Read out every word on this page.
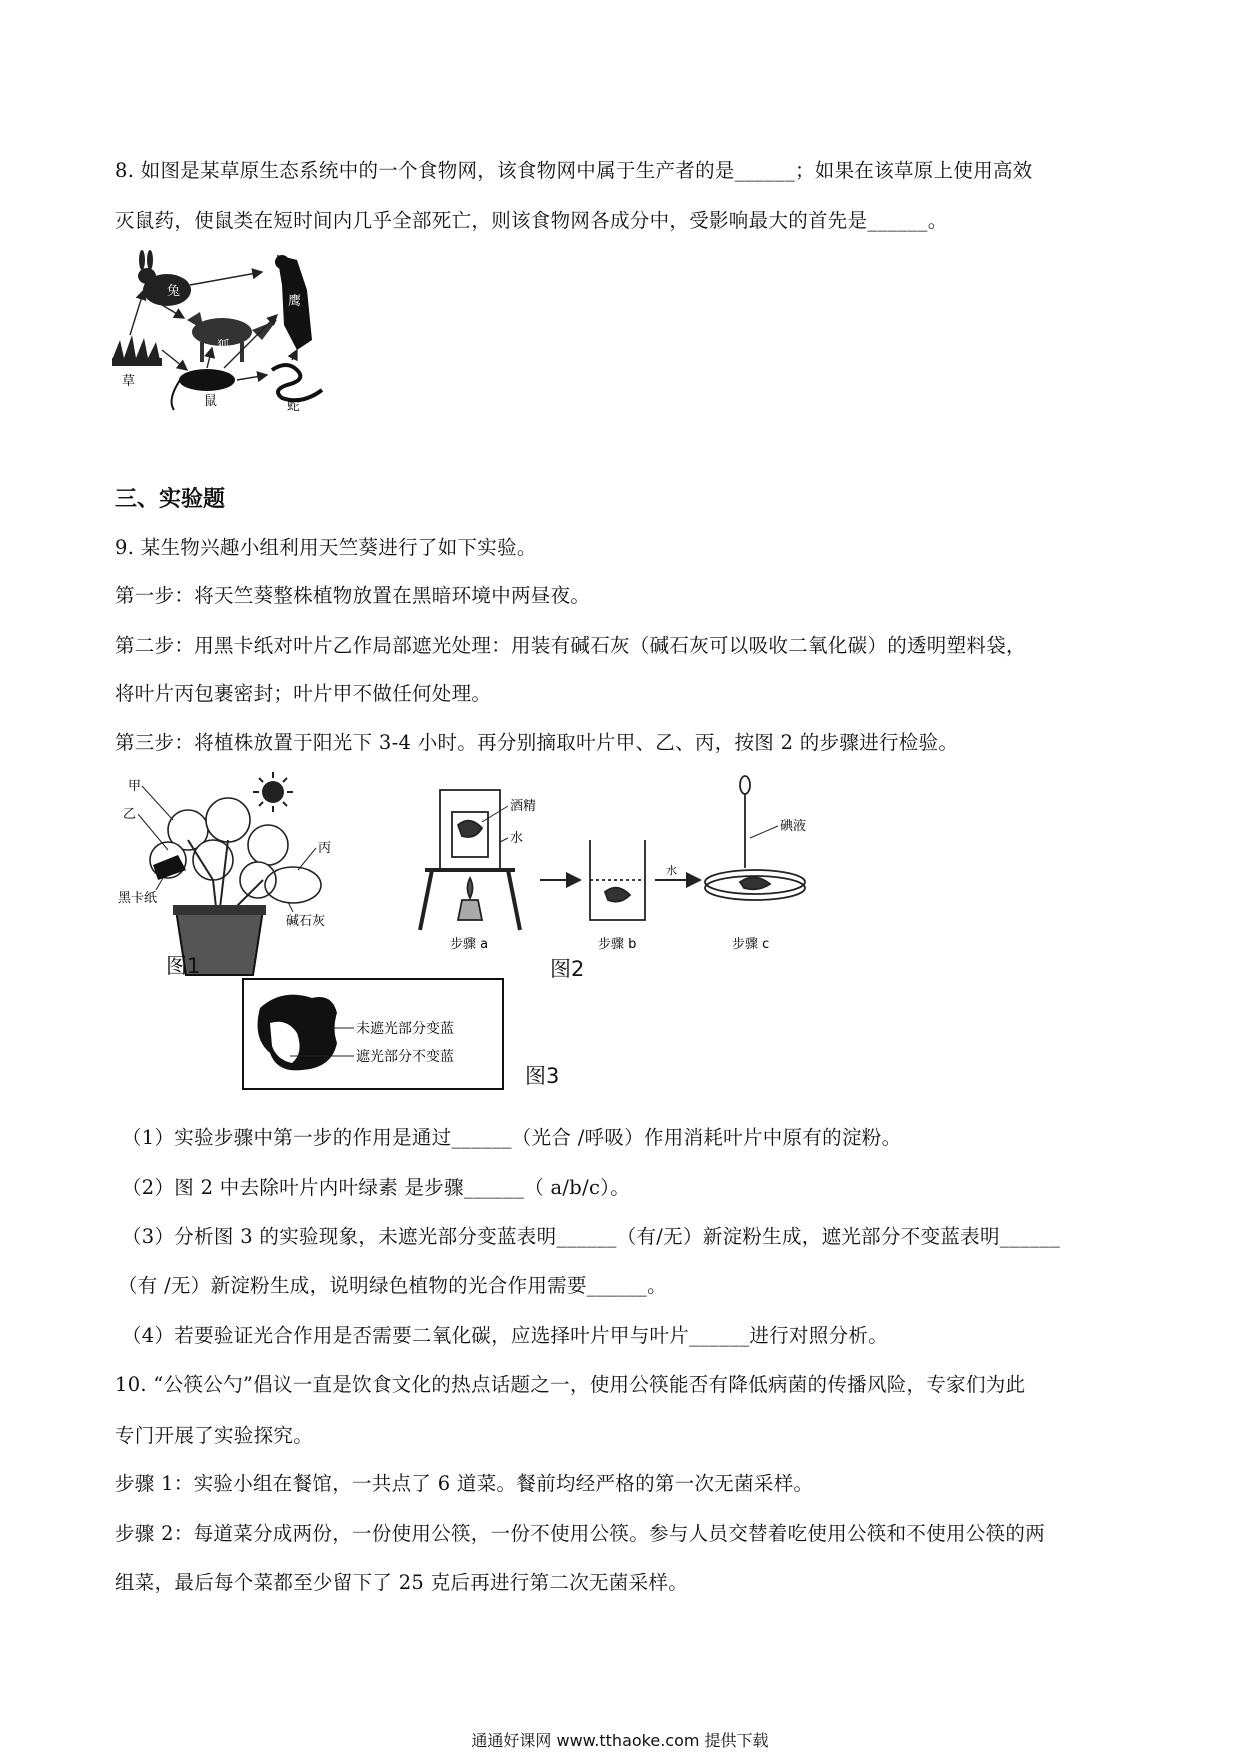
8. 如图是某草原生态系统中的一个食物网，该食物网中属于生产者的是______；如果在该草原上使用高效
灭鼠药，使鼠类在短时间内几乎全部死亡，则该食物网各成分中，受影响最大的首先是______。
兔
狐
鹰
草
鼠	蛇
三、实验题
9. 某生物兴趣小组利用天竺葵进行了如下实验。
第一步：将天竺葵整株植物放置在黑暗环境中两昼夜。
第二步：用黑卡纸对叶片乙作局部遮光处理：用装有碱石灰（碱石灰可以吸收二氧化碳）的透明塑料袋，
将叶片丙包裹密封；叶片甲不做任何处理。
第三步：将植株放置于阳光下 3-4 小时。再分别摘取叶片甲、乙、丙，按图 2 的步骤进行检验。
甲
乙
丙
黑卡纸
碱石灰
图1
酒精
水
步骤 a	步骤 b
水
碘液
步骤 c
图2
未遮光部分变蓝
遮光部分不变蓝
图3
（1）实验步骤中第一步的作用是通过______（光合 /呼吸）作用消耗叶片中原有的淀粉。
（2）图 2 中去除叶片内叶绿素 是步骤______（ a/b/c）。
（3）分析图 3 的实验现象，未遮光部分变蓝表明______（有/无）新淀粉生成，遮光部分不变蓝表明______
（有 /无）新淀粉生成，说明绿色植物的光合作用需要______。
（4）若要验证光合作用是否需要二氧化碳，应选择叶片甲与叶片______进行对照分析。
10. “公筷公勺”倡议一直是饮食文化的热点话题之一，使用公筷能否有降低病菌的传播风险，专家们为此
专门开展了实验探究。
步骤 1：实验小组在餐馆，一共点了 6 道菜。餐前均经严格的第一次无菌采样。
步骤 2：每道菜分成两份，一份使用公筷，一份不使用公筷。参与人员交替着吃使用公筷和不使用公筷的两
组菜，最后每个菜都至少留下了 25 克后再进行第二次无菌采样。
通通好课网 www.tthaoke.com 提供下载
